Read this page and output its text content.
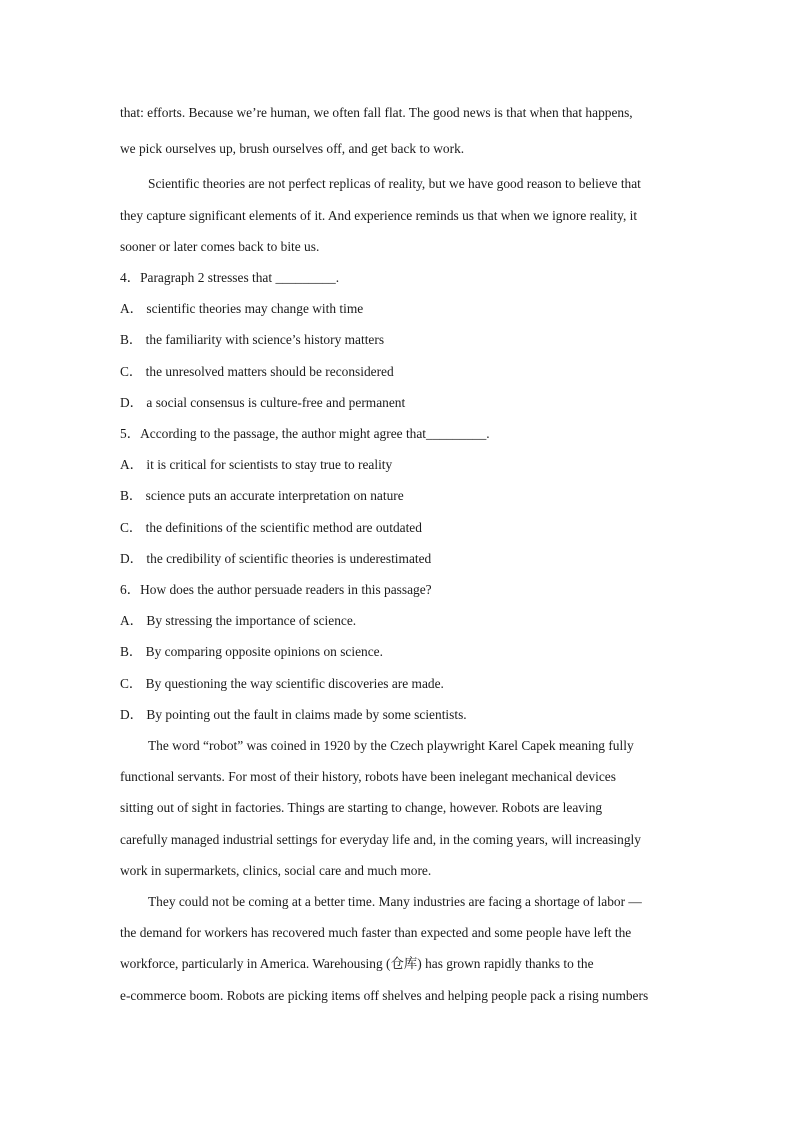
that: efforts. Because we’re human, we often fall flat. The good news is that when that happens,
we pick ourselves up, brush ourselves off, and get back to work.
Scientific theories are not perfect replicas of reality, but we have good reason to believe that
they capture significant elements of it. And experience reminds us that when we ignore reality, it
sooner or later comes back to bite us.
4．Paragraph 2 stresses that _________.
A． scientific theories may change with time
B． the familiarity with science’s history matters
C． the unresolved matters should be reconsidered
D． a social consensus is culture-free and permanent
5．According to the passage, the author might agree that_________.
A． it is critical for scientists to stay true to reality
B． science puts an accurate interpretation on nature
C． the definitions of the scientific method are outdated
D． the credibility of scientific theories is underestimated
6．How does the author persuade readers in this passage?
A． By stressing the importance of science.
B． By comparing opposite opinions on science.
C． By questioning the way scientific discoveries are made.
D． By pointing out the fault in claims made by some scientists.
The word “robot” was coined in 1920 by the Czech playwright Karel Capek meaning fully
functional servants. For most of their history, robots have been inelegant mechanical devices
sitting out of sight in factories. Things are starting to change, however. Robots are leaving
carefully managed industrial settings for everyday life and, in the coming years, will increasingly
work in supermarkets, clinics, social care and much more.
They could not be coming at a better time. Many industries are facing a shortage of labor —
the demand for workers has recovered much faster than expected and some people have left the
workforce, particularly in America. Warehousing (仓库) has grown rapidly thanks to the
e-commerce boom. Robots are picking items off shelves and helping people pack a rising numbers
